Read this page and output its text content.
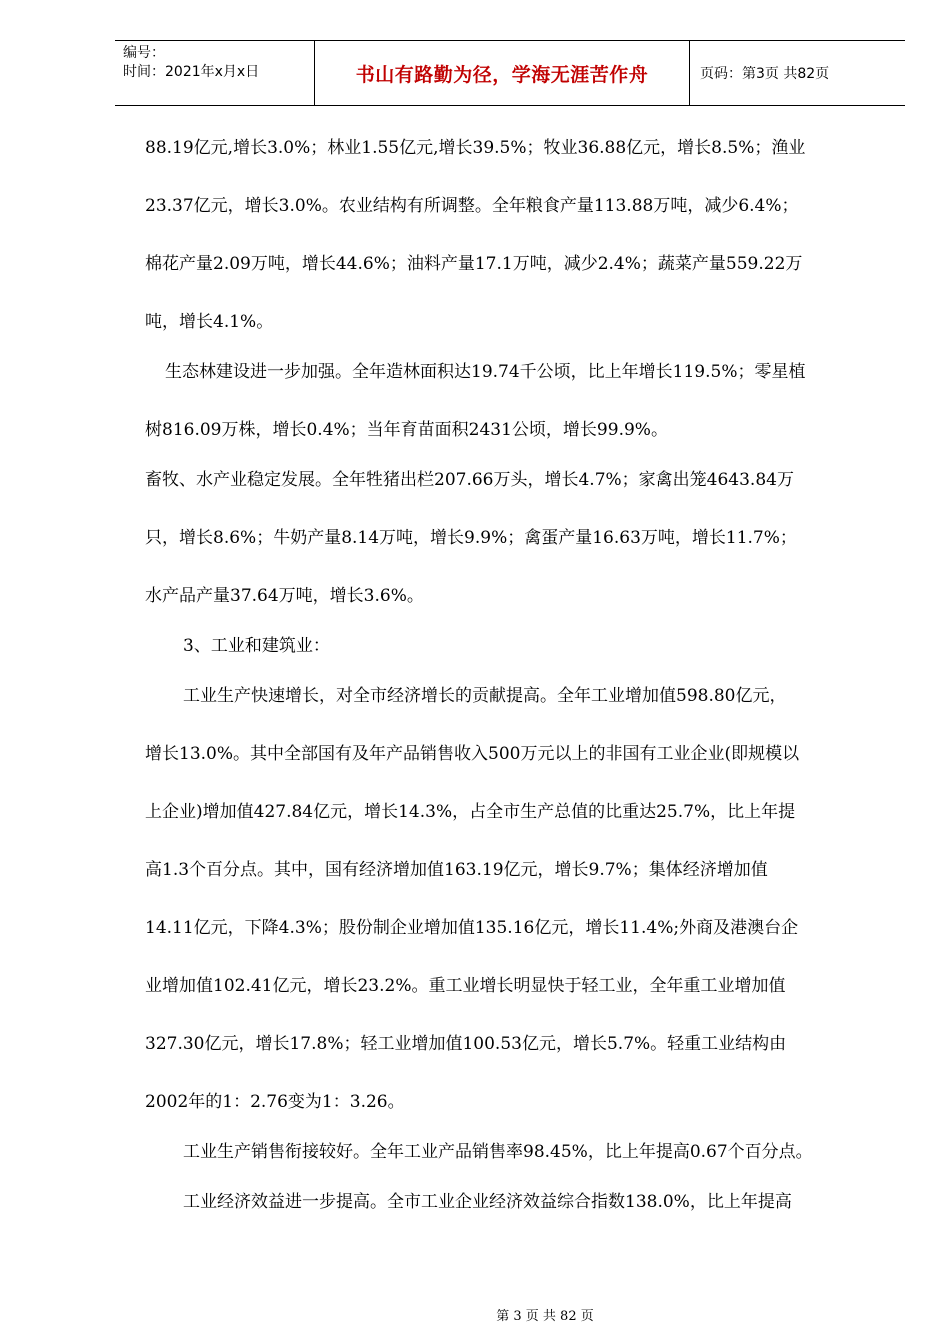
编号：
时间：2021年x月x日	书山有路勤为径，学海无涯苦作舟	页码：第3页 共82页
88.19亿元,增长3.0%；林业1.55亿元,增长39.5%；牧业36.88亿元，增长8.5%；渔业
23.37亿元，增长3.0%。农业结构有所调整。全年粮食产量113.88万吨，减少6.4%；
棉花产量2.09万吨，增长44.6%；油料产量17.1万吨，减少2.4%；蔬菜产量559.22万
吨，增长4.1%。
生态林建设进一步加强。全年造林面积达19.74千公顷，比上年增长119.5%；零星植
树816.09万株，增长0.4%；当年育苗面积2431公顷，增长99.9%。
畜牧、水产业稳定发展。全年牲猪出栏207.66万头，增长4.7%；家禽出笼4643.84万
只，增长8.6%；牛奶产量8.14万吨，增长9.9%；禽蛋产量16.63万吨，增长11.7%；
水产品产量37.64万吨，增长3.6%。
3、工业和建筑业：
工业生产快速增长，对全市经济增长的贡献提高。全年工业增加值598.80亿元，
增长13.0%。其中全部国有及年产品销售收入500万元以上的非国有工业企业(即规模以
上企业)增加值427.84亿元，增长14.3%，占全市生产总值的比重达25.7%，比上年提
高1.3个百分点。其中，国有经济增加值163.19亿元，增长9.7%；集体经济增加值
14.11亿元，下降4.3%；股份制企业增加值135.16亿元，增长11.4%;外商及港澳台企
业增加值102.41亿元，增长23.2%。重工业增长明显快于轻工业，全年重工业增加值
327.30亿元，增长17.8%；轻工业增加值100.53亿元，增长5.7%。轻重工业结构由
2002年的1：2.76变为1：3.26。
工业生产销售衔接较好。全年工业产品销售率98.45%，比上年提高0.67个百分点。
工业经济效益进一步提高。全市工业企业经济效益综合指数138.0%，比上年提高
第 3 页 共 82 页
